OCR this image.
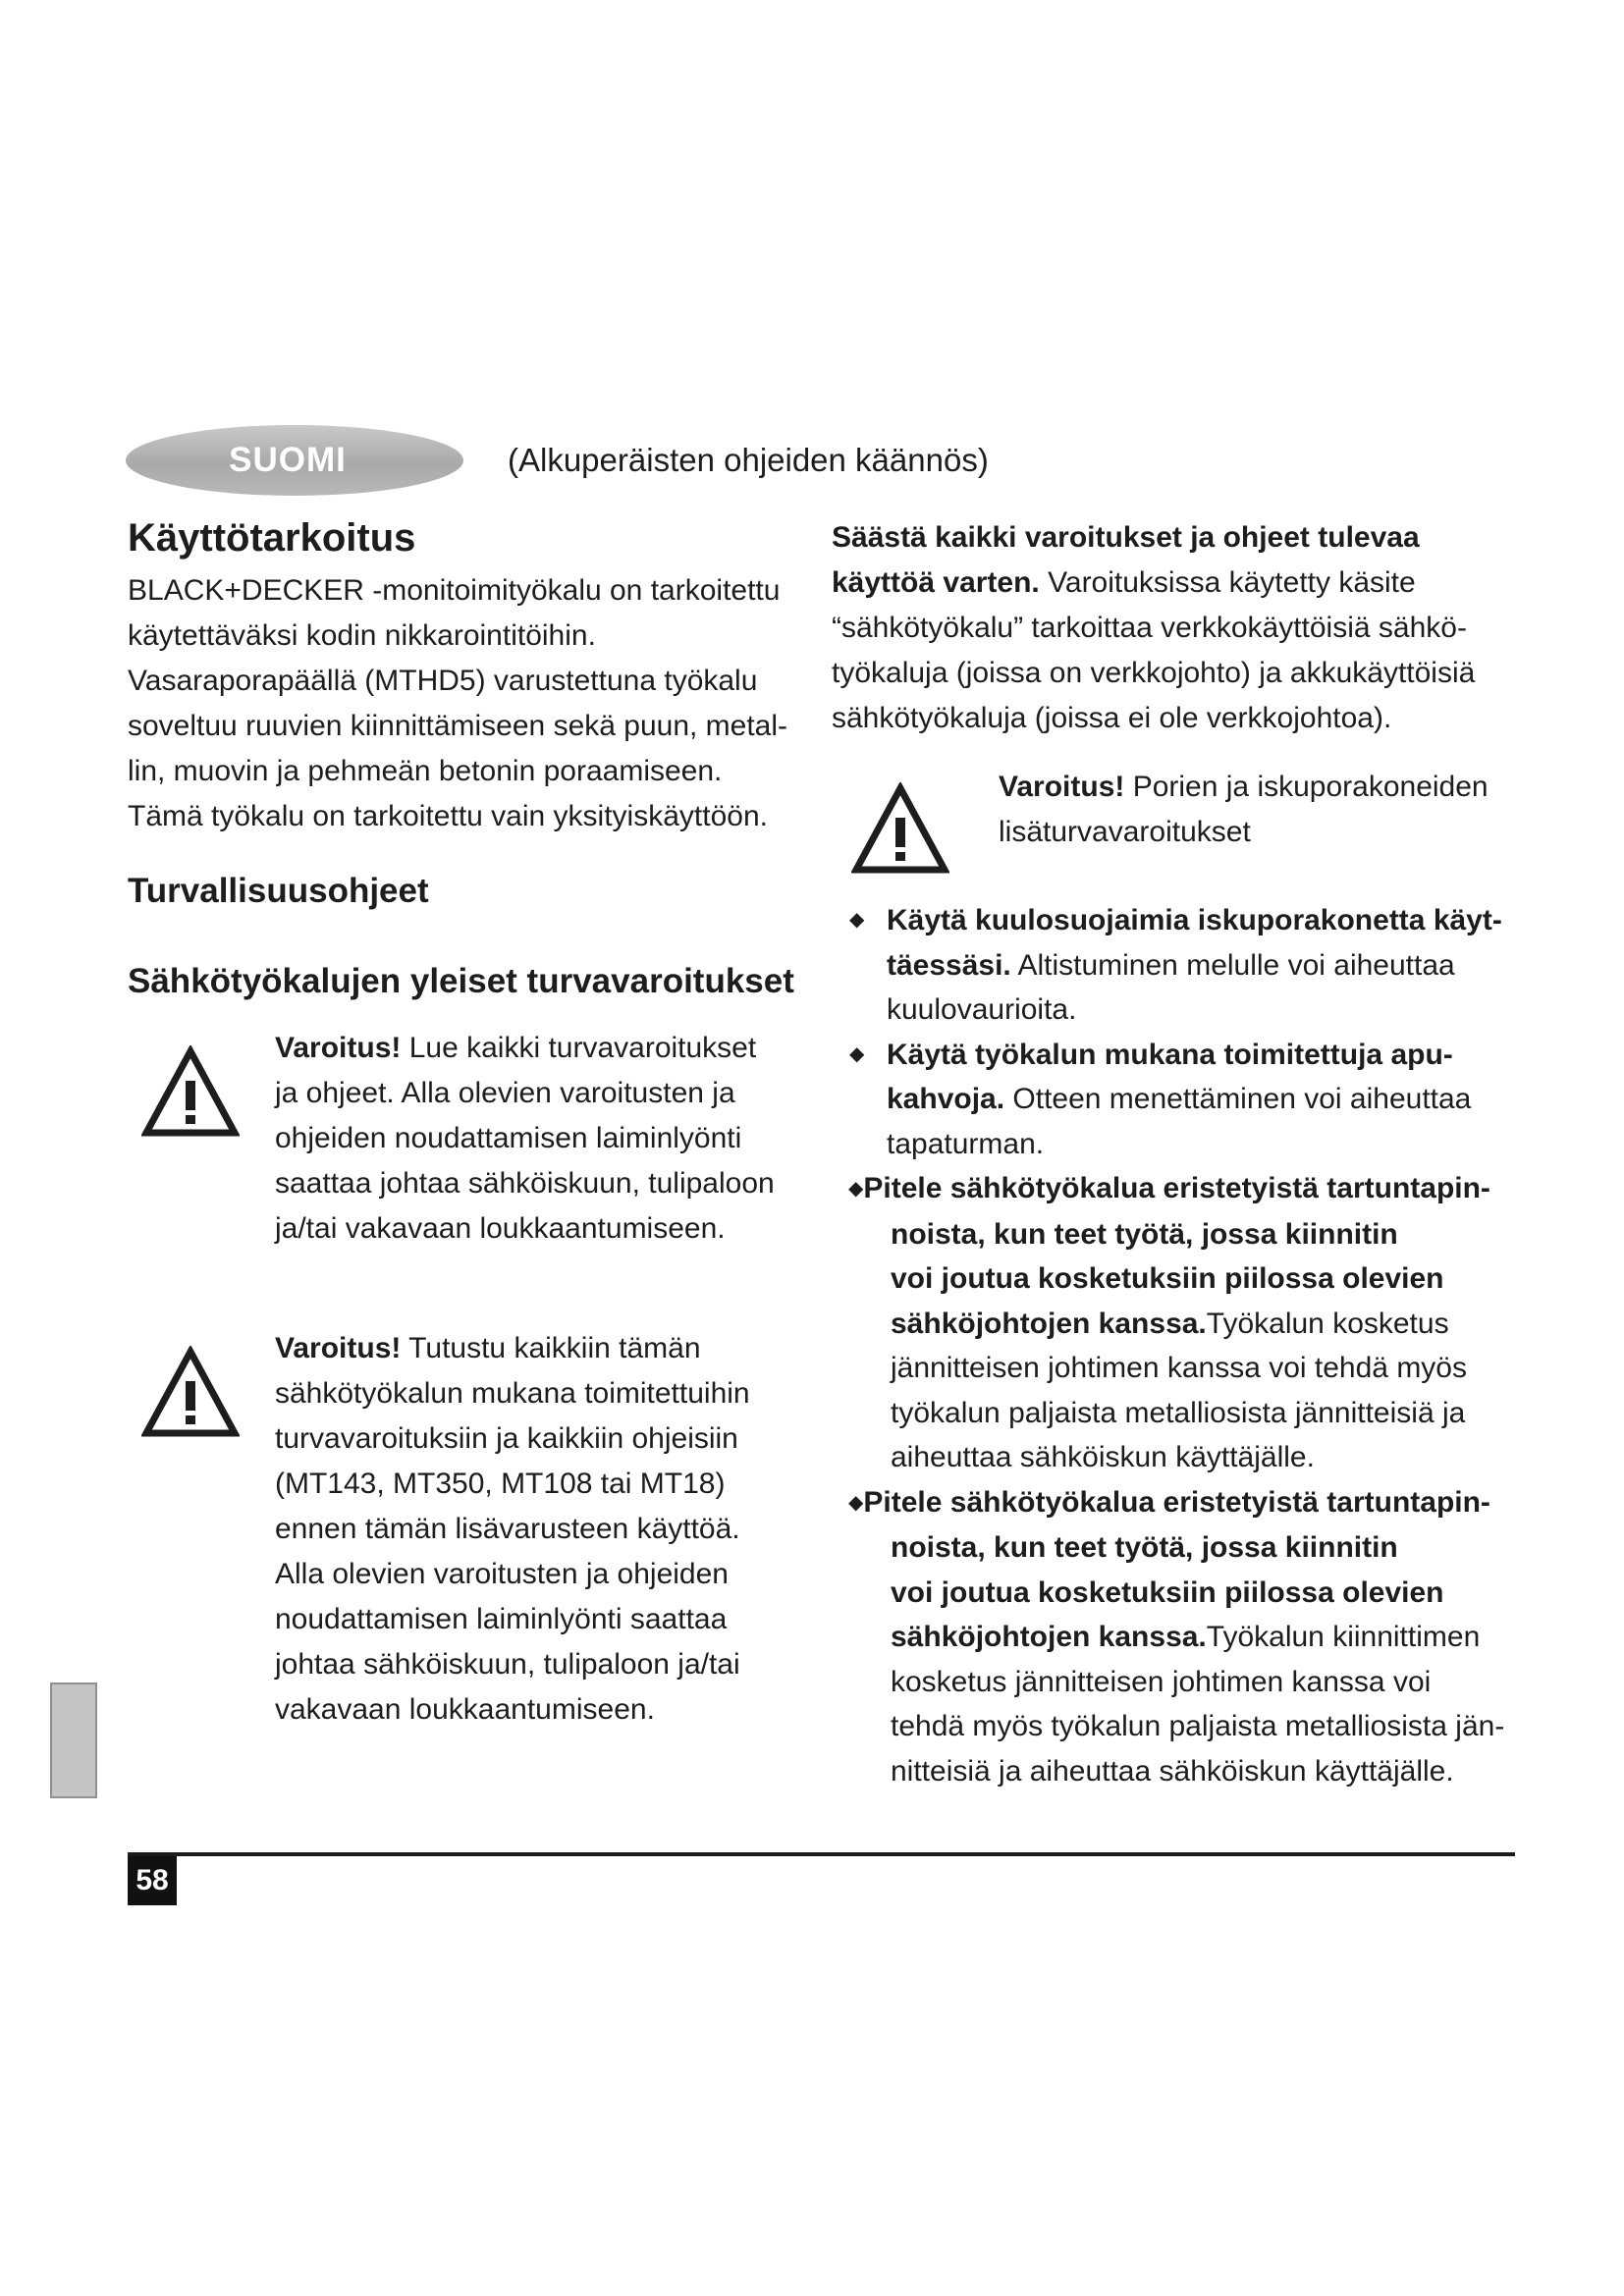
SUOMI	(Alkuperäisten ohjeiden käännös)
Käyttötarkoitus
BLACK+DECKER -monitoimityökalu on tarkoitettu
käytettäväksi kodin nikkarointitöihin.
Vasaraporapäällä (MTHD5) varustettuna työkalu
soveltuu ruuvien kiinnittämiseen sekä puun, metal-
lin, muovin ja pehmeän betonin poraamiseen.
Tämä työkalu on tarkoitettu vain yksityiskäyttöön.
Turvallisuusohjeet
Sähkötyökalujen yleiset turvavaroitukset
Varoitus! Lue kaikki turvavaroitukset
ja ohjeet. Alla olevien varoitusten ja
ohjeiden noudattamisen laiminlyönti
saattaa johtaa sähköiskuun, tulipaloon
ja/tai vakavaan loukkaantumiseen.
Varoitus! Tutustu kaikkiin tämän
sähkötyökalun mukana toimitettuihin
turvavaroituksiin ja kaikkiin ohjeisiin
(MT143, MT350, MT108 tai MT18)
ennen tämän lisävarusteen käyttöä.
Alla olevien varoitusten ja ohjeiden
noudattamisen laiminlyönti saattaa
johtaa sähköiskuun, tulipaloon ja/tai
vakavaan loukkaantumiseen.
Säästä kaikki varoitukset ja ohjeet tulevaa
käyttöä varten. Varoituksissa käytetty käsite
“sähkötyökalu” tarkoittaa verkkokäyttöisiä sähkö-
työkaluja (joissa on verkkojohto) ja akkukäyttöisiä
sähkötyökaluja (joissa ei ole verkkojohtoa).
Varoitus! Porien ja iskuporakoneiden
lisäturvavaroitukset
◆ Käytä kuulosuojaimia iskuporakonetta käyt-
täessäsi. Altistuminen melulle voi aiheuttaa
kuulovaurioita.
◆ Käytä työkalun mukana toimitettuja apu-
kahvoja. Otteen menettäminen voi aiheuttaa
tapaturman.
◆Pitele sähkötyökalua eristetyistä tartuntapin-
noista, kun teet työtä, jossa kiinnitin
voi joutua kosketuksiin piilossa olevien
sähköjohtojen kanssa.Työkalun kosketus
jännitteisen johtimen kanssa voi tehdä myös
työkalun paljaista metalliosista jännitteisiä ja
aiheuttaa sähköiskun käyttäjälle.
◆Pitele sähkötyökalua eristetyistä tartuntapin-
noista, kun teet työtä, jossa kiinnitin
voi joutua kosketuksiin piilossa olevien
sähköjohtojen kanssa.Työkalun kiinnittimen
kosketus jännitteisen johtimen kanssa voi
tehdä myös työkalun paljaista metalliosista jän-
nitteisiä ja aiheuttaa sähköiskun käyttäjälle.
58
